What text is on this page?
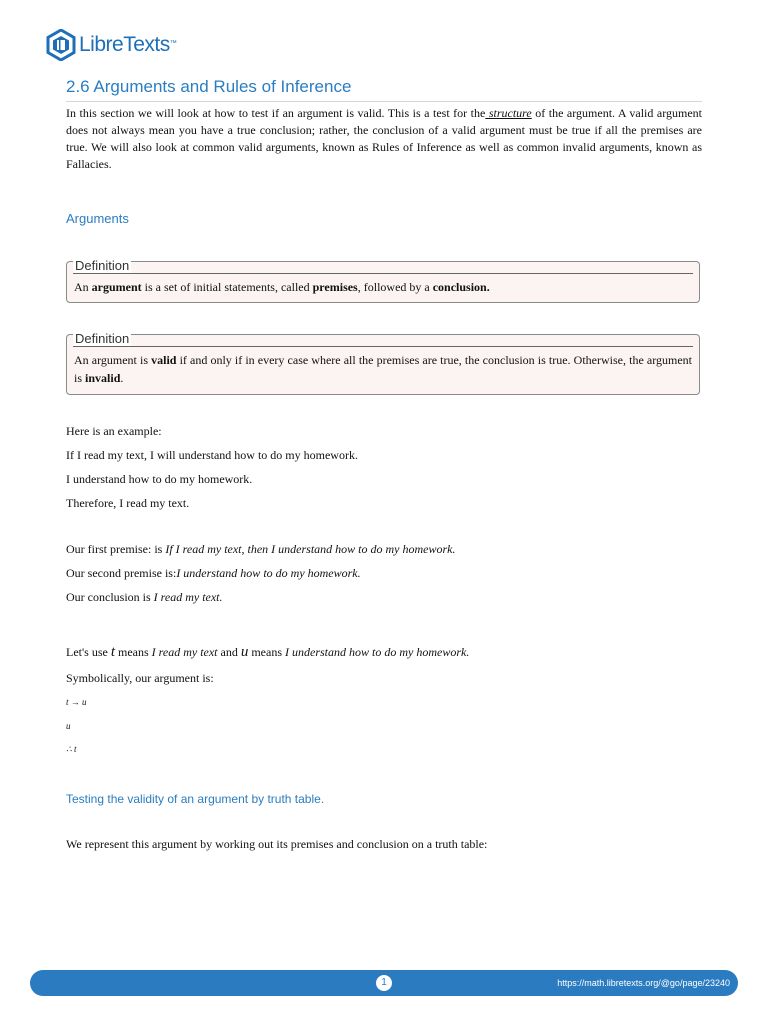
LibreTexts ™
2.6 Arguments and Rules of Inference

In this section we will look at how to test if an argument is valid. This is a test for the structure of the argument. A valid argument does not always mean you have a true conclusion; rather, the conclusion of a valid argument must be true if all the premises are true. We will also look at common valid arguments, known as Rules of Inference as well as common invalid arguments, known as Fallacies.

Arguments
Definition

An argument is a set of initial statements, called premises, followed by a conclusion.

Definition

An argument is valid if and only if in every case where all the premises are true, the conclusion is true. Otherwise, the argument is invalid.

Here is an example:

If I read my text, I will understand how to do my homework.

I understand how to do my homework.

Therefore, I read my text.

Our first premise: is If I read my text, then I understand how to do my homework.

Our second premise is:I understand how to do my homework.

Our conclusion is I read my text.

Let's use t means I read my text and u means I understand how to do my homework.

Symbolically, our argument is:

t → u

u

∴ t

Testing the validity of an argument by truth table.

We represent this argument by working out its premises and conclusion on a truth table:

1	https://math.libretexts.org/@go/page/23240
